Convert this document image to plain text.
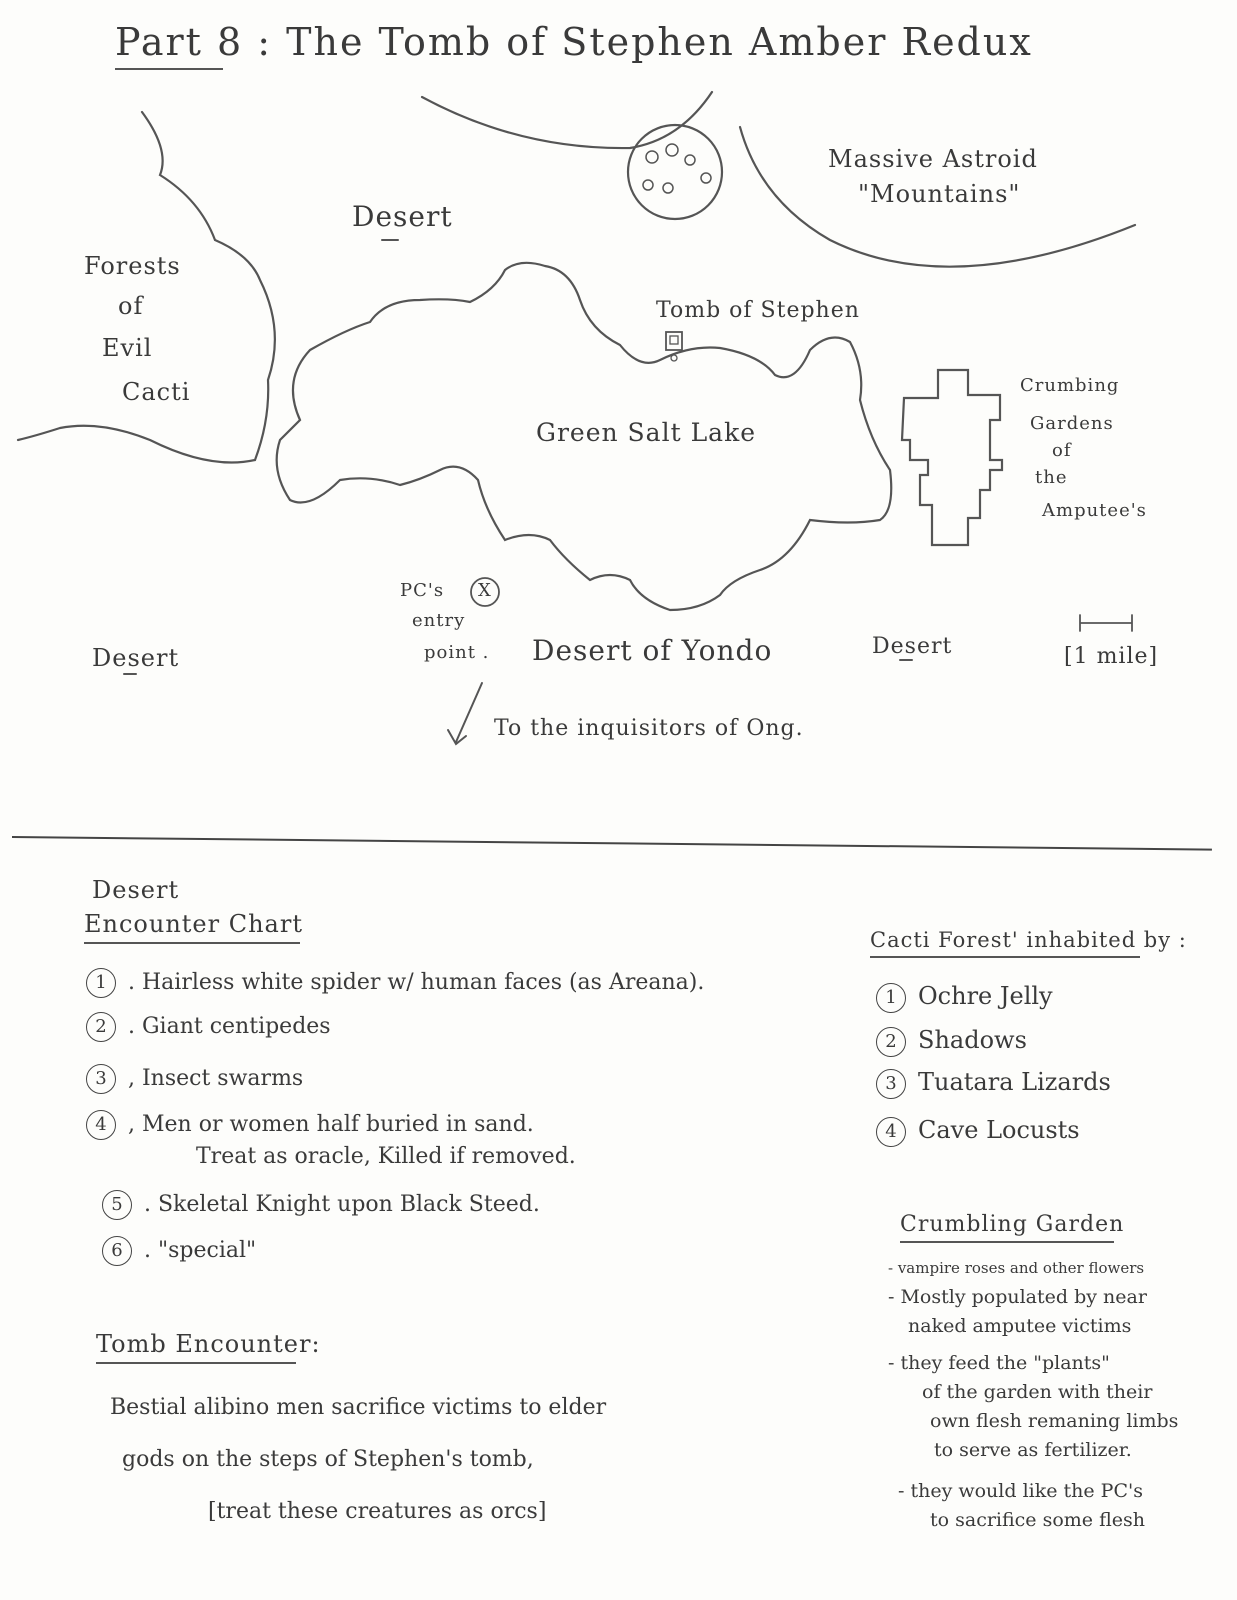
Part 8 : The Tomb of Stephen Amber Redux
Massive Astroid
"Mountains"
Desert
Forests
of
Evil
Cacti
Tomb of Stephen
Green Salt Lake
Crumbing
Gardens
of
the
Amputee's
PC's
entry
point .
X
Desert	Desert of Yondo	Desert	[1 mile]
To the inquisitors of Ong.
Desert
Encounter Chart
1 . Hairless white spider w/ human faces (as Areana).
2 . Giant centipedes
3 , Insect swarms
4 , Men or women half buried in sand.
Treat as oracle, Killed if removed.
5 . Skeletal Knight upon Black Steed.
6 . "special"
Cacti Forest' inhabited by :
1 Ochre Jelly
2 Shadows
3 Tuatara Lizards
4 Cave Locusts
Tomb Encounter:
Bestial alibino men sacrifice victims to elder
gods on the steps of Stephen's tomb,
[treat these creatures as orcs]
Crumbling Garden
- vampire roses and other flowers
- Mostly populated by near
naked amputee victims
- they feed the "plants"
of the garden with their
own flesh remaning limbs
to serve as fertilizer.
- they would like the PC's
to sacrifice some flesh
